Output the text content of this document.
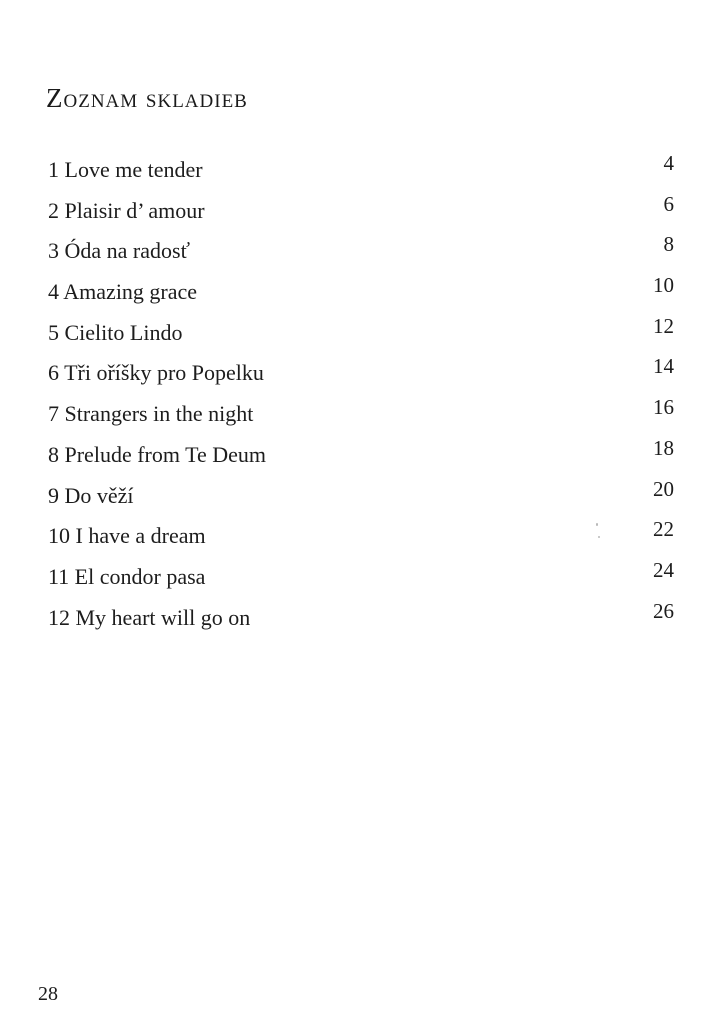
Zoznam skladieb
1 Love me tender	4
2 Plaisir d’ amour	6
3 Óda na radosť	8
4 Amazing grace	10
5 Cielito Lindo	12
6 Tři oříšky pro Popelku	14
7 Strangers in the night	16
8 Prelude from Te Deum	18
9 Do věží	20
10 I have a dream	22
11 El condor pasa	24
12 My heart will go on	26
28
